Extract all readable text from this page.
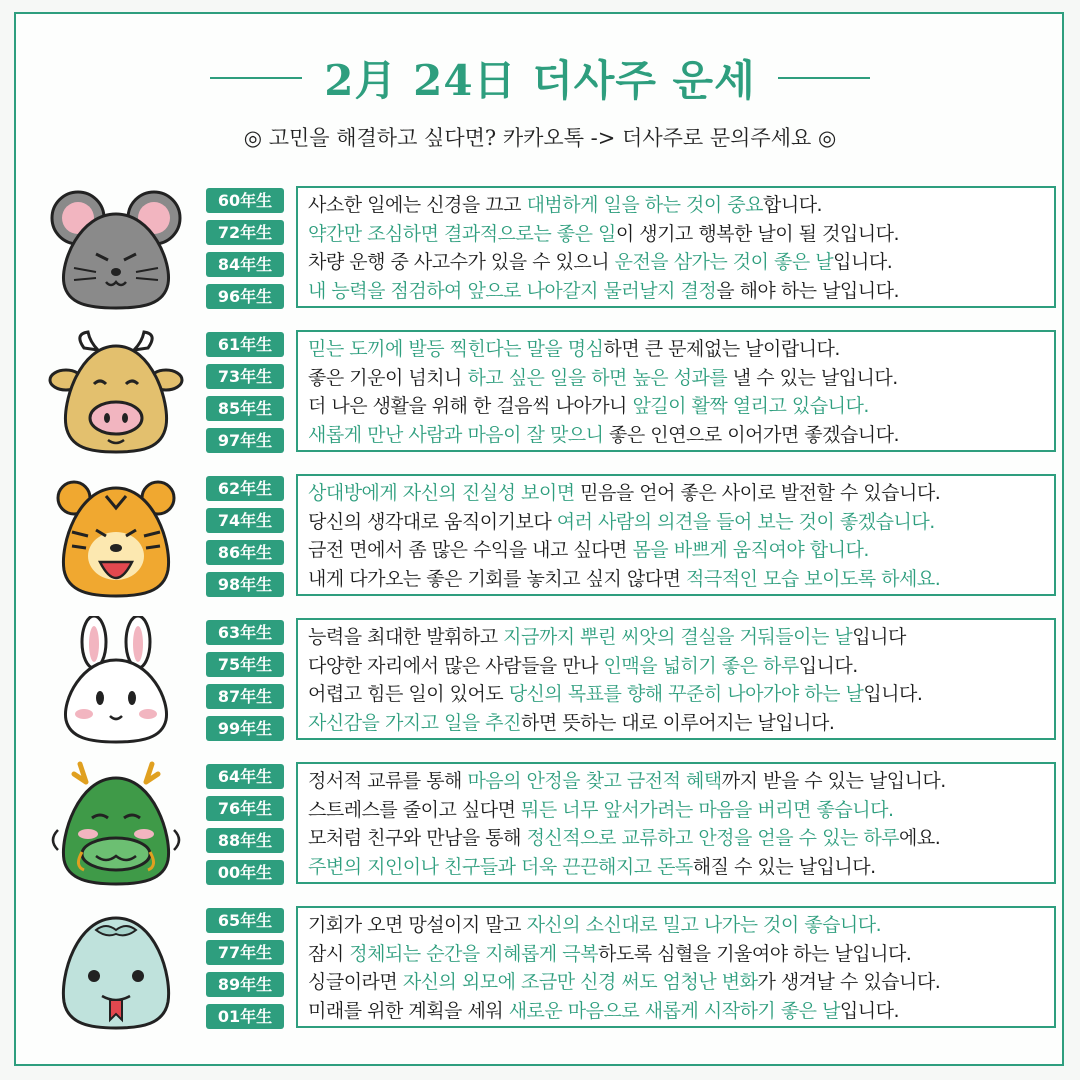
2月 24日 더사주 운세
◎ 고민을 해결하고 싶다면? 카카오톡 -> 더사주로 문의주세요 ◎
60年生
72年生
84年生
96年生
사소한 일에는 신경을 끄고 대범하게 일을 하는 것이 중요합니다.
약간만 조심하면 결과적으로는 좋은 일이 생기고 행복한 날이 될 것입니다.
차량 운행 중 사고수가 있을 수 있으니 운전을 삼가는 것이 좋은 날입니다.
내 능력을 점검하여 앞으로 나아갈지 물러날지 결정을 해야 하는 날입니다.
61年生
73年生
85年生
97年生
믿는 도끼에 발등 찍힌다는 말을 명심하면 큰 문제없는 날이랍니다.
좋은 기운이 넘치니 하고 싶은 일을 하면 높은 성과를 낼 수 있는 날입니다.
더 나은 생활을 위해 한 걸음씩 나아가니 앞길이 활짝 열리고 있습니다.
새롭게 만난 사람과 마음이 잘 맞으니 좋은 인연으로 이어가면 좋겠습니다.
62年生
74年生
86年生
98年生
상대방에게 자신의 진실성 보이면 믿음을 얻어 좋은 사이로 발전할 수 있습니다.
당신의 생각대로 움직이기보다 여러 사람의 의견을 들어 보는 것이 좋겠습니다.
금전 면에서 좀 많은 수익을 내고 싶다면 몸을 바쁘게 움직여야 합니다.
내게 다가오는 좋은 기회를 놓치고 싶지 않다면 적극적인 모습 보이도록 하세요.
63年生
75年生
87年生
99年生
능력을 최대한 발휘하고 지금까지 뿌린 씨앗의 결실을 거둬들이는 날입니다
다양한 자리에서 많은 사람들을 만나 인맥을 넓히기 좋은 하루입니다.
어렵고 힘든 일이 있어도 당신의 목표를 향해 꾸준히 나아가야 하는 날입니다.
자신감을 가지고 일을 추진하면 뜻하는 대로 이루어지는 날입니다.
64年生
76年生
88年生
00年生
정서적 교류를 통해 마음의 안정을 찾고 금전적 혜택까지 받을 수 있는 날입니다.
스트레스를 줄이고 싶다면 뭐든 너무 앞서가려는 마음을 버리면 좋습니다.
모처럼 친구와 만남을 통해 정신적으로 교류하고 안정을 얻을 수 있는 하루에요.
주변의 지인이나 친구들과 더욱 끈끈해지고 돈독해질 수 있는 날입니다.
65年生
77年生
89年生
01年生
기회가 오면 망설이지 말고 자신의 소신대로 밀고 나가는 것이 좋습니다.
잠시 정체되는 순간을 지혜롭게 극복하도록 심혈을 기울여야 하는 날입니다.
싱글이라면 자신의 외모에 조금만 신경 써도 엄청난 변화가 생겨날 수 있습니다.
미래를 위한 계획을 세워 새로운 마음으로 새롭게 시작하기 좋은 날입니다.
